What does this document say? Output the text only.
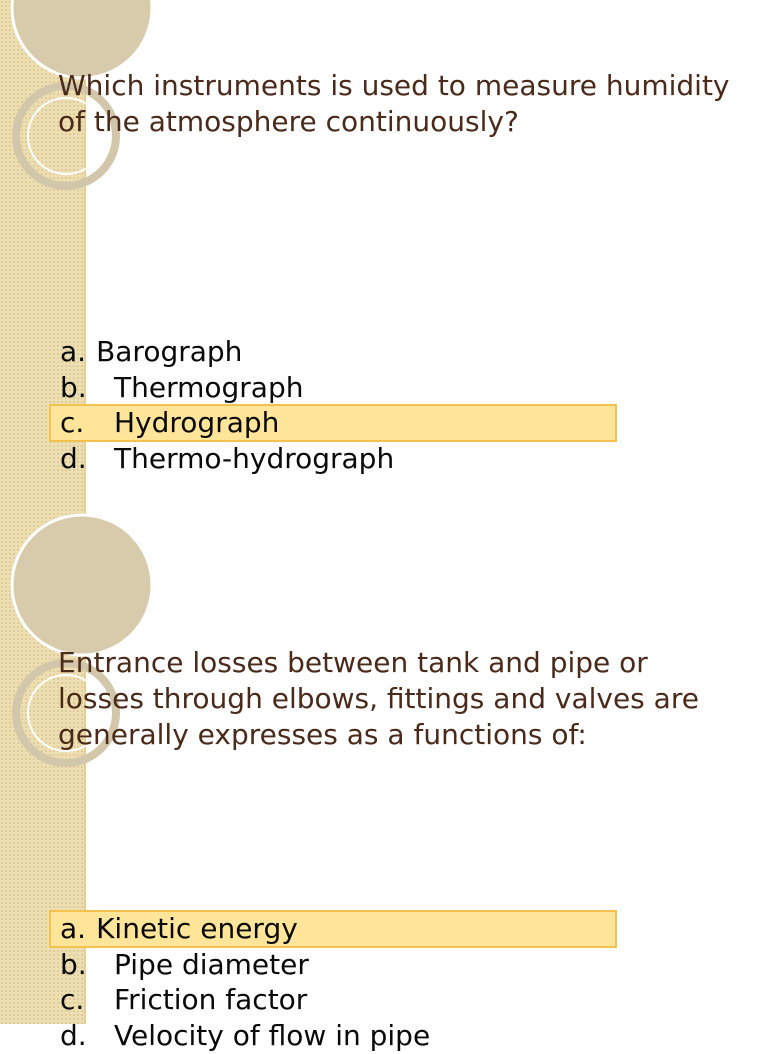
Which instruments is used to measure humidity of the atmosphere continuously?

a. Barograph
b. Thermograph
c. Hydrograph
d. Thermo-hydrograph

Entrance losses between tank and pipe or losses through elbows, fittings and valves are generally expresses as a functions of:

a. Kinetic energy
b. Pipe diameter
c. Friction factor
d. Velocity of flow in pipe
